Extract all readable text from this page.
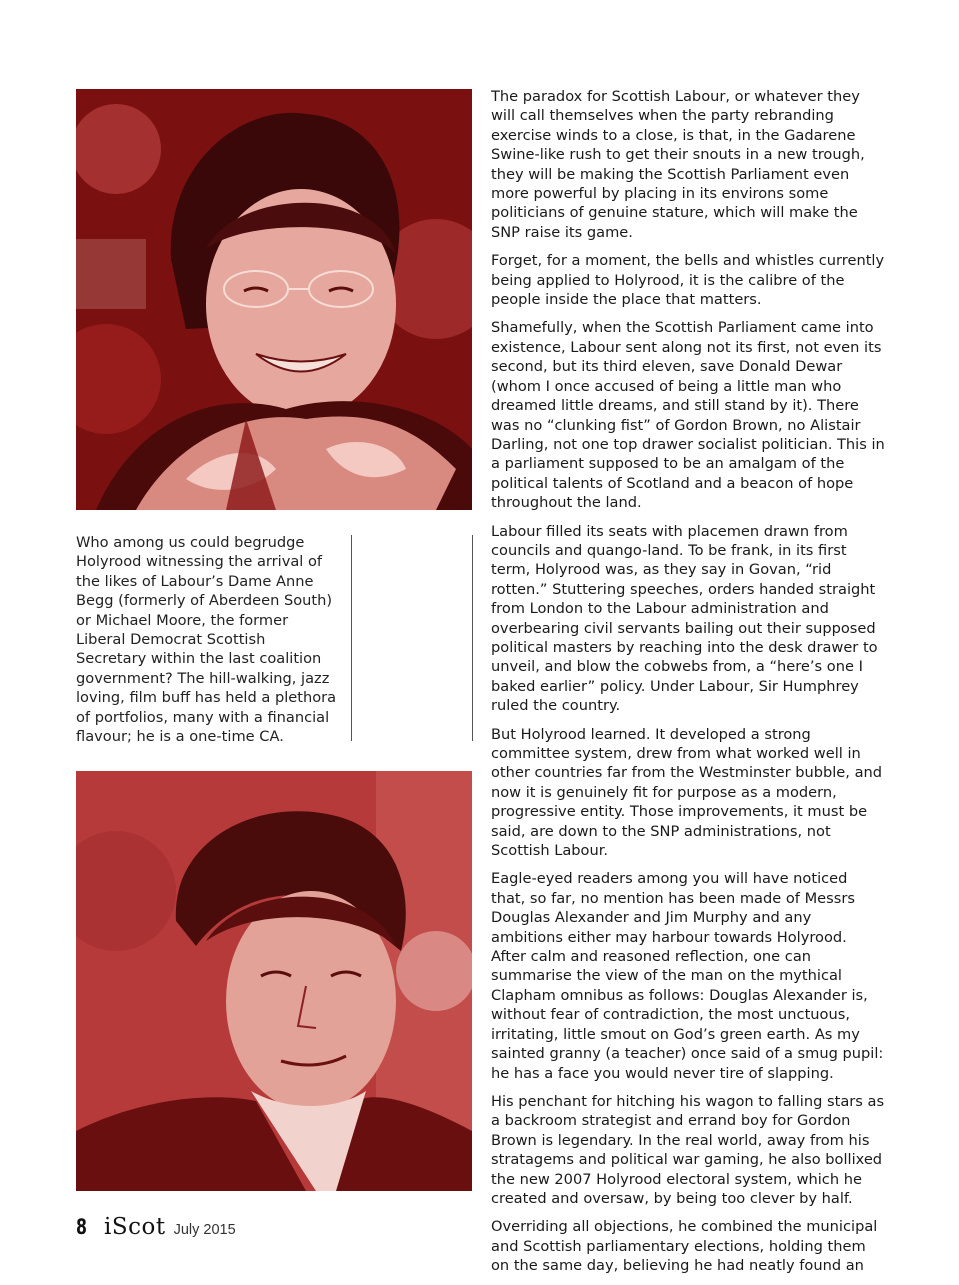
Who among us could begrudge Holyrood witnessing the arrival of the likes of Labour’s Dame Anne Begg (formerly of Aberdeen South) or Michael Moore, the former Liberal Democrat Scottish Secretary within the last coalition government? The hill-walking, jazz loving, film buff has held a plethora of portfolios, many with a financial flavour; he is a one-time CA.

The paradox for Scottish Labour, or whatever they will call themselves when the party rebranding exercise winds to a close, is that, in the Gadarene Swine-like rush to get their snouts in a new trough, they will be making the Scottish Parliament even more powerful by placing in its environs some politicians of genuine stature, which will make the SNP raise its game.

Forget, for a moment, the bells and whistles currently being applied to Holyrood, it is the calibre of the people inside the place that matters.

Shamefully, when the Scottish Parliament came into existence, Labour sent along not its first, not even its second, but its third eleven, save Donald Dewar (whom I once accused of being a little man who dreamed little dreams, and still stand by it). There was no “clunking fist” of Gordon Brown, no Alistair Darling, not one top drawer socialist politician. This in a parliament supposed to be an amalgam of the political talents of Scotland and a beacon of hope throughout the land.

Labour filled its seats with placemen drawn from councils and quango-land. To be frank, in its first term, Holyrood was, as they say in Govan, “rid rotten.” Stuttering speeches, orders handed straight from London to the Labour administration and overbearing civil servants bailing out their supposed political masters by reaching into the desk drawer to unveil, and blow the cobwebs from, a “here’s one I baked earlier” policy. Under Labour, Sir Humphrey ruled the country.

But Holyrood learned. It developed a strong committee system, drew from what worked well in other countries far from the Westminster bubble, and now it is genuinely fit for purpose as a modern, progressive entity. Those improvements, it must be said, are down to the SNP administrations, not Scottish Labour.

Eagle-eyed readers among you will have noticed that, so far, no mention has been made of Messrs Douglas Alexander and Jim Murphy and any ambitions either may harbour towards Holyrood. After calm and reasoned reflection, one can summarise the view of the man on the mythical Clapham omnibus as follows: Douglas Alexander is, without fear of contradiction, the most unctuous, irritating, little smout on God’s green earth. As my sainted granny (a teacher) once said of a smug pupil: he has a face you would never tire of slapping.

His penchant for hitching his wagon to falling stars as a backroom strategist and errand boy for Gordon Brown is legendary. In the real world, away from his stratagems and political war gaming, he also bollixed the new 2007 Holyrood electoral system, which he created and oversaw, by being too clever by half.

Overriding all objections, he combined the municipal and Scottish parliamentary elections, holding them on the same day, believing he had neatly found an

8 iScot July 2015
